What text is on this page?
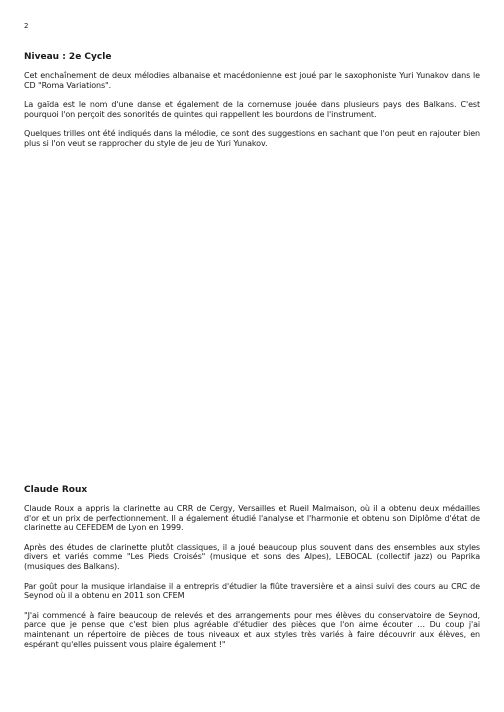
2

Niveau : 2e Cycle

Cet enchaînement de deux mélodies albanaise et macédonienne est joué par le saxophoniste Yuri Yunakov dans le CD "Roma Variations".

La gaïda est le nom d'une danse et également de la cornemuse jouée dans plusieurs pays des Balkans. C'est pourquoi l'on perçoit des sonorités de quintes qui rappellent les bourdons de l'instrument.

Quelques trilles ont été indiqués dans la mélodie, ce sont des suggestions en sachant que l'on peut en rajouter bien plus si l'on veut se rapprocher du style de jeu de Yuri Yunakov.

Claude Roux

Claude Roux a appris la clarinette au CRR de Cergy, Versailles et Rueil Malmaison, où il a obtenu deux médailles d'or et un prix de perfectionnement. Il a également étudié l'analyse et l'harmonie et obtenu son Diplôme d'état de clarinette au CEFEDEM de Lyon en 1999.

Après des études de clarinette plutôt classiques, il a joué beaucoup plus souvent dans des ensembles aux styles divers et variés comme "Les Pieds Croisés" (musique et sons des Alpes), LEBOCAL (collectif jazz) ou Paprika (musiques des Balkans).

Par goût pour la musique irlandaise il a entrepris d'étudier la flûte traversière et a ainsi suivi des cours au CRC de Seynod où il a obtenu en 2011 son CFEM

"J'ai commencé à faire beaucoup de relevés et des arrangements pour mes élèves du conservatoire de Seynod, parce que je pense que c'est bien plus agréable d'étudier des pièces que l'on aime écouter … Du coup j'ai maintenant un répertoire de pièces de tous niveaux et aux styles très variés à faire découvrir aux élèves, en espérant qu'elles puissent vous plaire également !"
